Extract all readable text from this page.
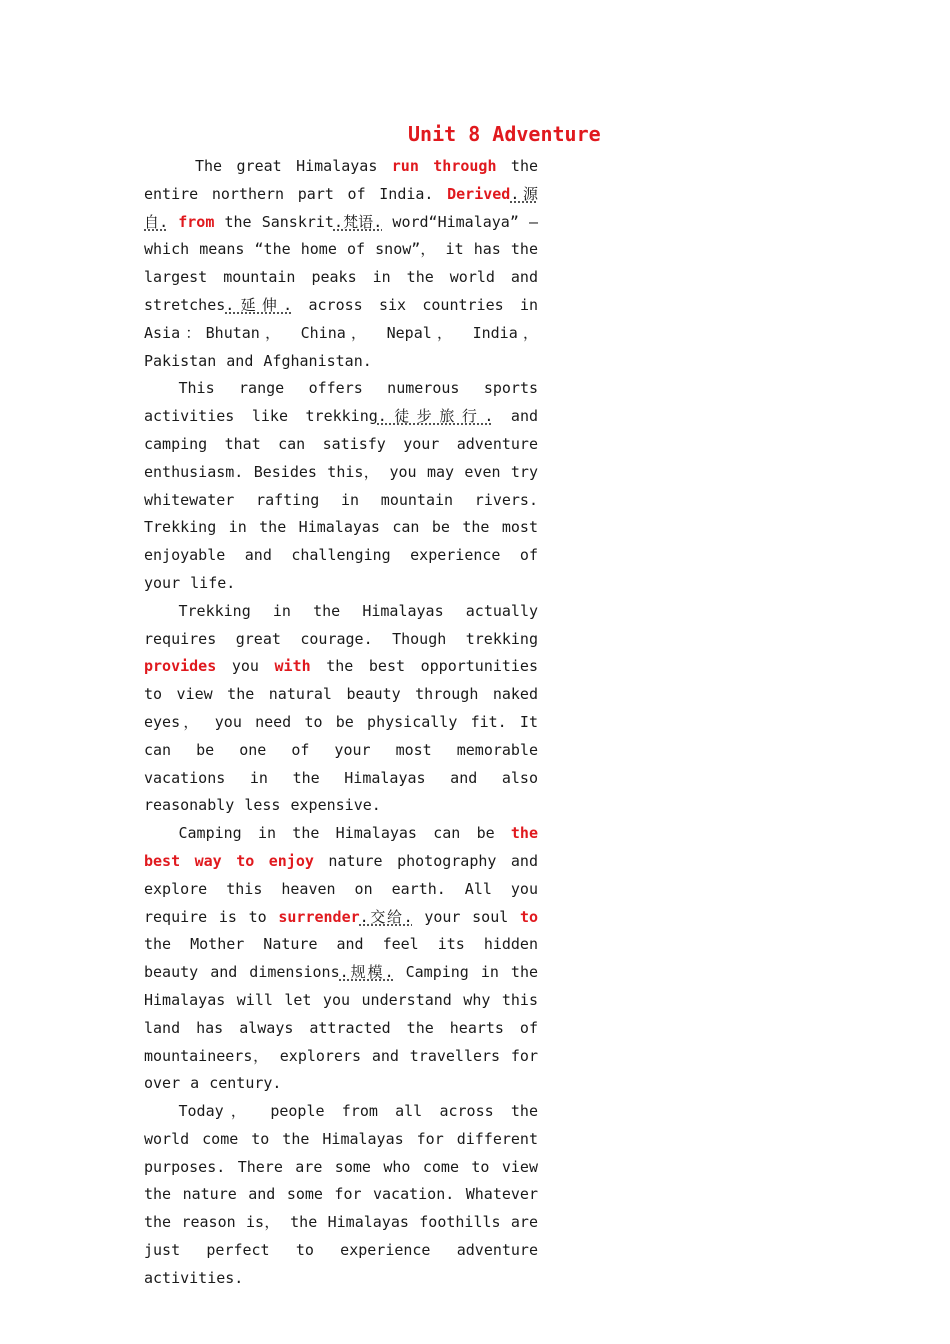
Unit 8 Adventure

The great Himalayas run through the entire northern part of India. Derived.源自. from the Sanskrit.梵语. word“Himalaya” — which means “the home of snow”， it has the largest mountain peaks in the world and stretches.延伸. across six countries in Asia：Bhutan， China， Nepal， India， Pakistan and Afghanistan.

This range offers numerous sports activities like trekking.徒步旅行. and camping that can satisfy your adventure enthusiasm. Besides this， you may even try whitewater rafting in mountain rivers. Trekking in the Himalayas can be the most enjoyable and challenging experience of your life.

Trekking in the Himalayas actually requires great courage. Though trekking provides you with the best opportunities to view the natural beauty through naked eyes， you need to be physically fit. It can be one of your most memorable vacations in the Himalayas and also reasonably less expensive.

Camping in the Himalayas can be the best way to enjoy nature photography and explore this heaven on earth. All you require is to surrender.交给. your soul to the Mother Nature and feel its hidden beauty and dimensions.规模. Camping in the Himalayas will let you understand why this land has always attracted the hearts of mountaineers， explorers and travellers for over a century.

Today， people from all across the world come to the Himalayas for different purposes. There are some who come to view the nature and some for vacation. Whatever the reason is， the Himalayas foothills are just perfect to experience adventure activities.
